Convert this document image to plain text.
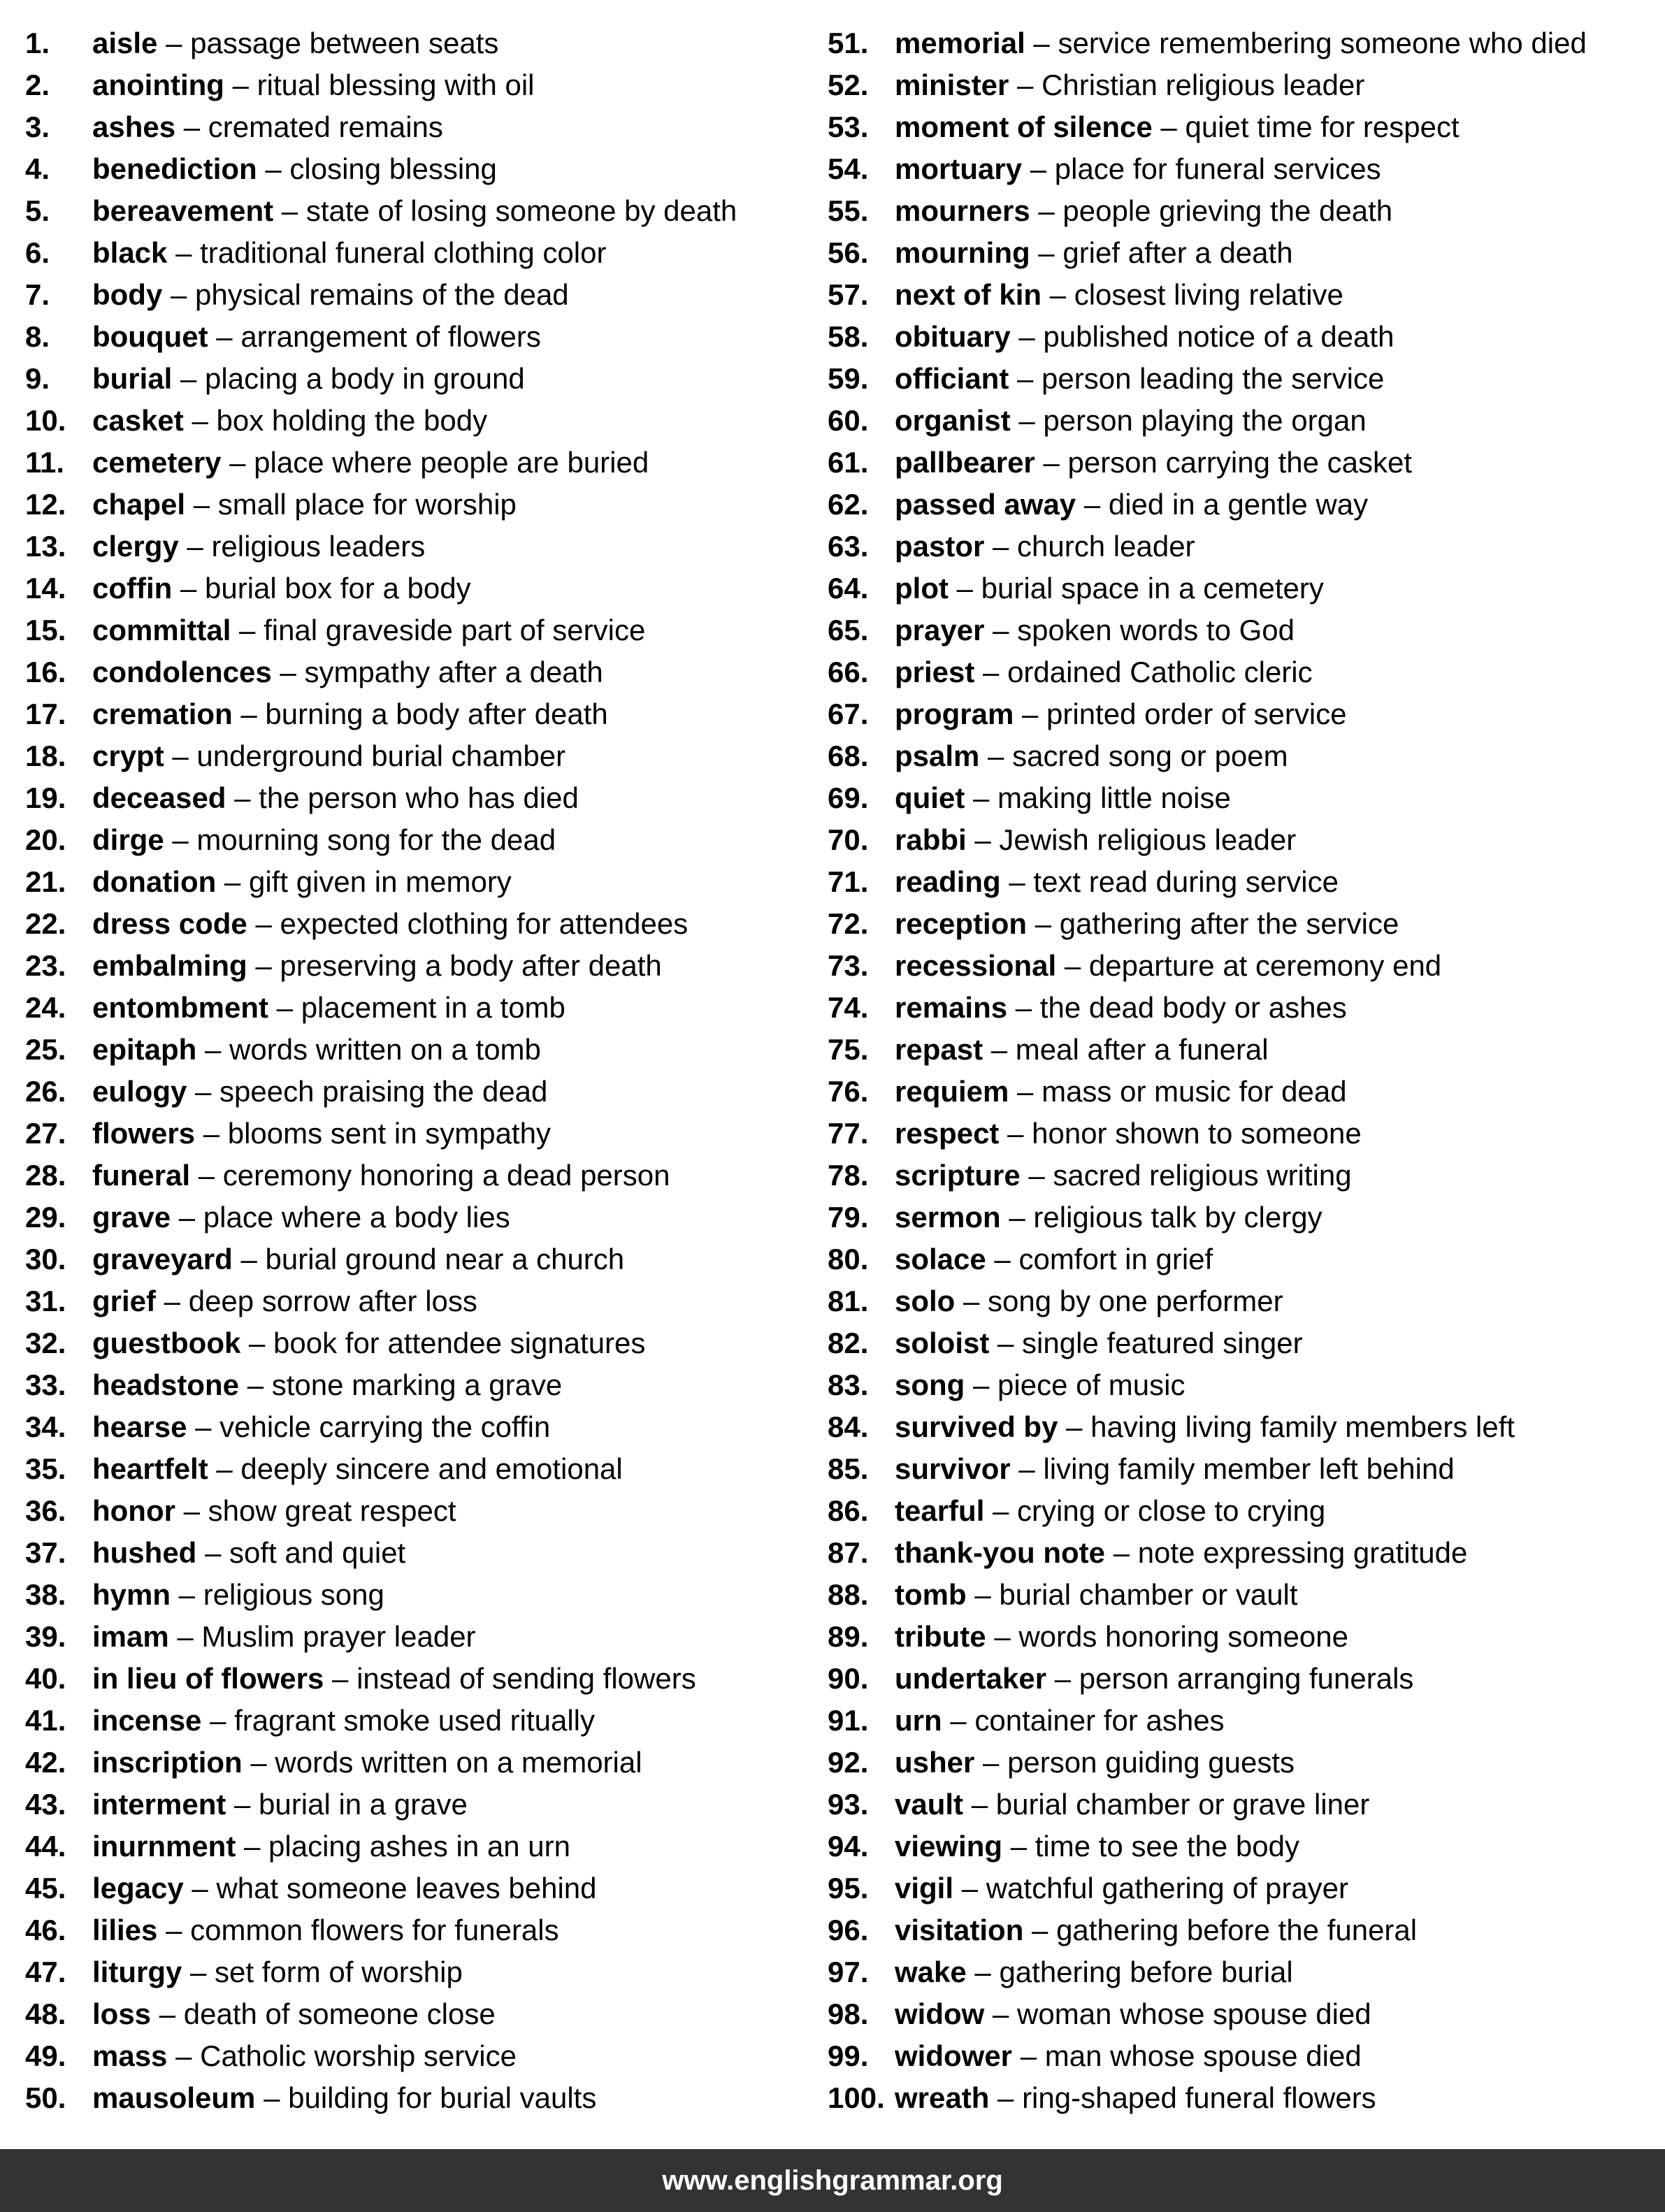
1.	aisle – passage between seats
2.	anointing – ritual blessing with oil
3.	ashes – cremated remains
4.	benediction – closing blessing
5.	bereavement – state of losing someone by death
6.	black – traditional funeral clothing color
7.	body – physical remains of the dead
8.	bouquet – arrangement of flowers
9.	burial – placing a body in ground
10. casket – box holding the body
11. cemetery – place where people are buried
12. chapel – small place for worship
13. clergy – religious leaders
14. coffin – burial box for a body
15. committal – final graveside part of service
16. condolences – sympathy after a death
17. cremation – burning a body after death
18. crypt – underground burial chamber
19. deceased – the person who has died
20. dirge – mourning song for the dead
21. donation – gift given in memory
22. dress code – expected clothing for attendees
23. embalming – preserving a body after death
24. entombment – placement in a tomb
25. epitaph – words written on a tomb
26. eulogy – speech praising the dead
27. flowers – blooms sent in sympathy
28. funeral – ceremony honoring a dead person
29. grave – place where a body lies
30. graveyard – burial ground near a church
31. grief – deep sorrow after loss
32. guestbook – book for attendee signatures
33. headstone – stone marking a grave
34. hearse – vehicle carrying the coffin
35. heartfelt – deeply sincere and emotional
36. honor – show great respect
37. hushed – soft and quiet
38. hymn – religious song
39. imam – Muslim prayer leader
40. in lieu of flowers – instead of sending flowers
41. incense – fragrant smoke used ritually
42. inscription – words written on a memorial
43. interment – burial in a grave
44. inurnment – placing ashes in an urn
45. legacy – what someone leaves behind
46. lilies – common flowers for funerals
47. liturgy – set form of worship
48. loss – death of someone close
49. mass – Catholic worship service
50. mausoleum – building for burial vaults
51. memorial – service remembering someone who died
52. minister – Christian religious leader
53. moment of silence – quiet time for respect
54. mortuary – place for funeral services
55. mourners – people grieving the death
56. mourning – grief after a death
57. next of kin – closest living relative
58. obituary – published notice of a death
59. officiant – person leading the service
60. organist – person playing the organ
61. pallbearer – person carrying the casket
62. passed away – died in a gentle way
63. pastor – church leader
64. plot – burial space in a cemetery
65. prayer – spoken words to God
66. priest – ordained Catholic cleric
67. program – printed order of service
68. psalm – sacred song or poem
69. quiet – making little noise
70. rabbi – Jewish religious leader
71. reading – text read during service
72. reception – gathering after the service
73. recessional – departure at ceremony end
74. remains – the dead body or ashes
75. repast – meal after a funeral
76. requiem – mass or music for dead
77. respect – honor shown to someone
78. scripture – sacred religious writing
79. sermon – religious talk by clergy
80. solace – comfort in grief
81. solo – song by one performer
82. soloist – single featured singer
83. song – piece of music
84. survived by – having living family members left
85. survivor – living family member left behind
86. tearful – crying or close to crying
87. thank-you note – note expressing gratitude
88. tomb – burial chamber or vault
89. tribute – words honoring someone
90. undertaker – person arranging funerals
91. urn – container for ashes
92. usher – person guiding guests
93. vault – burial chamber or grave liner
94. viewing – time to see the body
95. vigil – watchful gathering of prayer
96. visitation – gathering before the funeral
97. wake – gathering before burial
98. widow – woman whose spouse died
99. widower – man whose spouse died
100. wreath – ring-shaped funeral flowers
www.englishgrammar.org
